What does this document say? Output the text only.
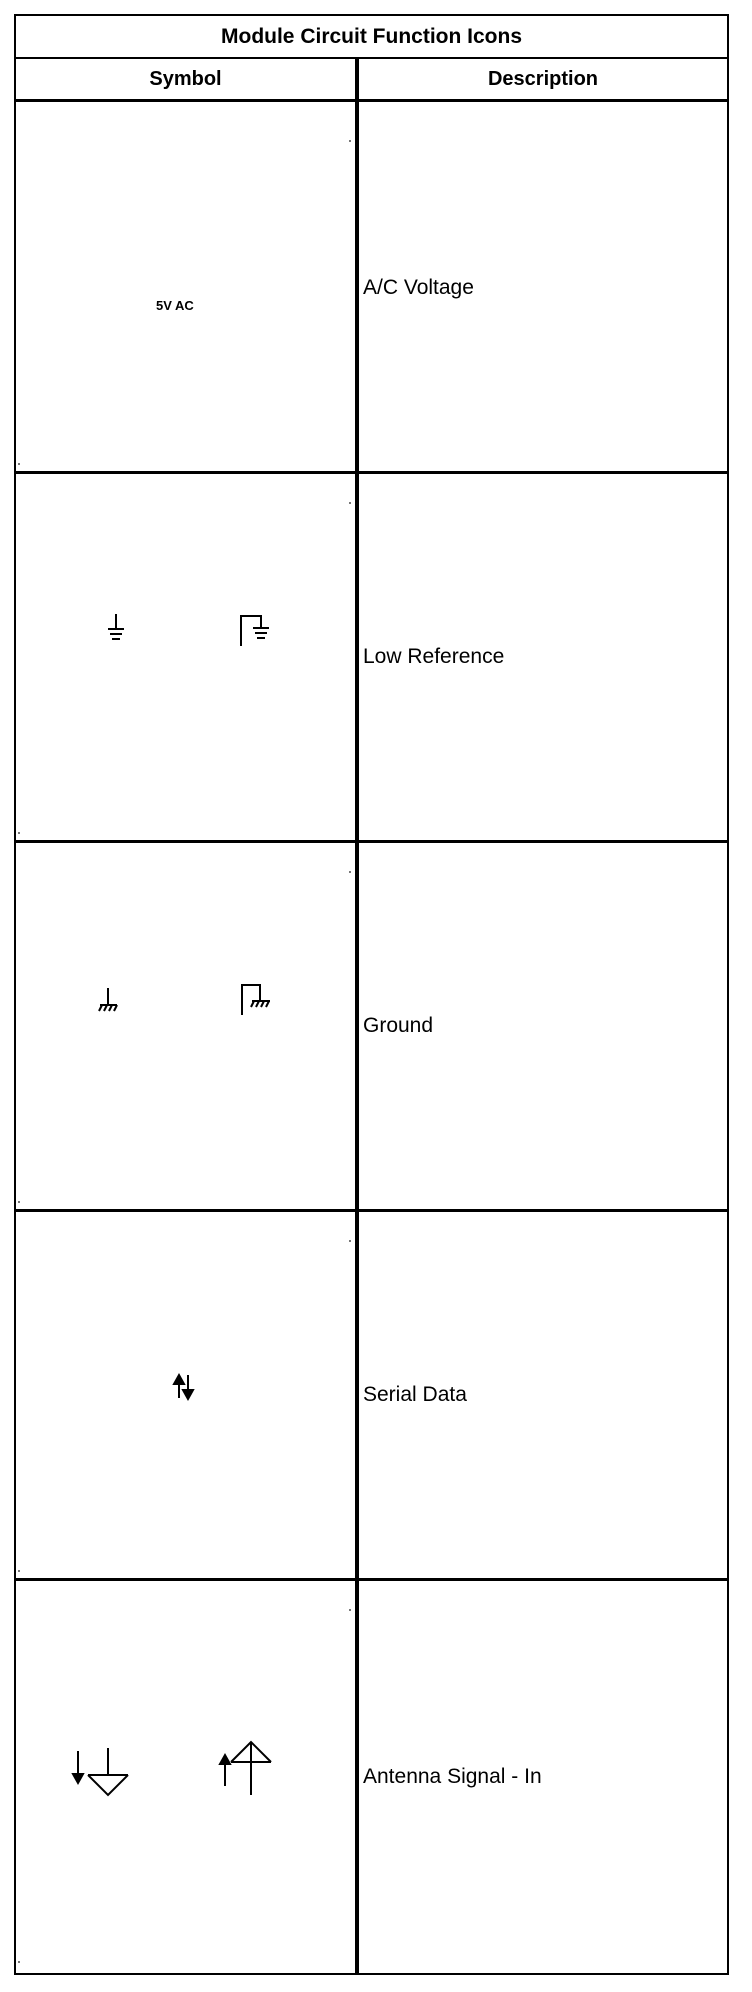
Module Circuit Function Icons
Symbol	Description
5V AC
A/C Voltage
Low Reference
Ground
Serial Data
Antenna Signal - In
